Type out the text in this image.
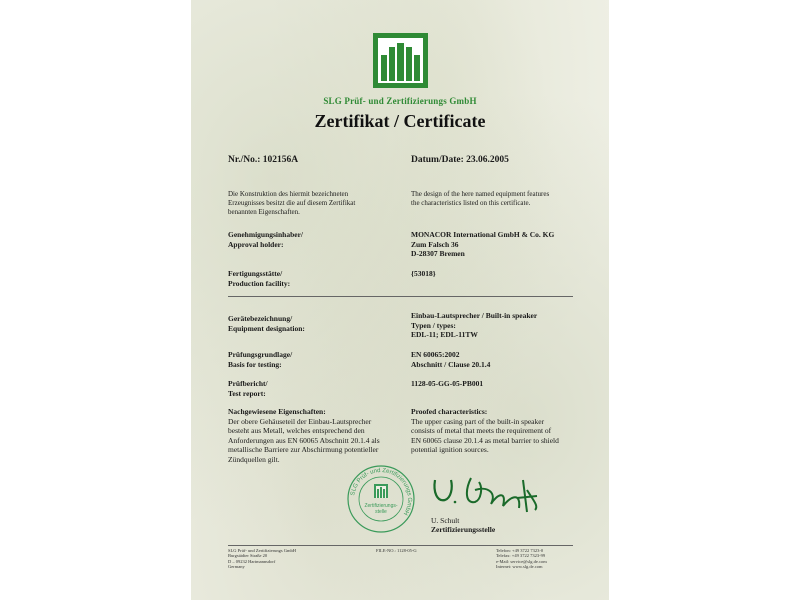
SLG Prüf- und Zertifizierungs GmbH
Zertifikat / Certificate
Nr./No.: 102156A	Datum/Date: 23.06.2005
Die Konstruktion des hiermit bezeichneten
Erzeugnisses besitzt die auf diesem Zertifikat
benannten Eigenschaften.
The design of the here named equipment features
the characteristics listed on this certificate.
Genehmigungsinhaber/
Approval holder:
MONACOR International GmbH & Co. KG
Zum Falsch 36
D-28307 Bremen
Fertigungsstätte/
Production facility:
{53018}
Gerätebezeichnung/
Equipment designation:
Einbau-Lautsprecher / Built-in speaker
Typen / types:
EDL-11; EDL-11TW
Prüfungsgrundlage/
Basis for testing:
EN 60065:2002
Abschnitt / Clause 20.1.4
Prüfbericht/
Test report:
1128-05-GG-05-PB001
Nachgewiesene Eigenschaften:
Der obere Gehäuseteil der Einbau-Lautsprecher
besteht aus Metall, welches entsprechend den
Anforderungen aus EN 60065 Abschnitt 20.1.4 als
metallische Barriere zur Abschirmung potentieller
Zündquellen gilt.
Proofed characteristics:
The upper casing part of the built-in speaker
consists of metal that meets the requirement of
EN 60065 clause 20.1.4 as metal barrier to shield
potential ignition sources.
SLG Prüf- und Zertifizierungs GmbH
Zertifizierungs-
stelle
U. Schult
Zertifizierungsstelle
SLG Prüf- und Zertifizierungs GmbH
Burgstädter Straße 20
D – 09232 Hartmannsdorf
Germany
FILE-NO.: 1128-05-G	Telefon: +49 3722 7323-0
Telefax: +49 3722 7323-99
e-Mail: service@slg.de.com
Internet: www.slg.de.com
